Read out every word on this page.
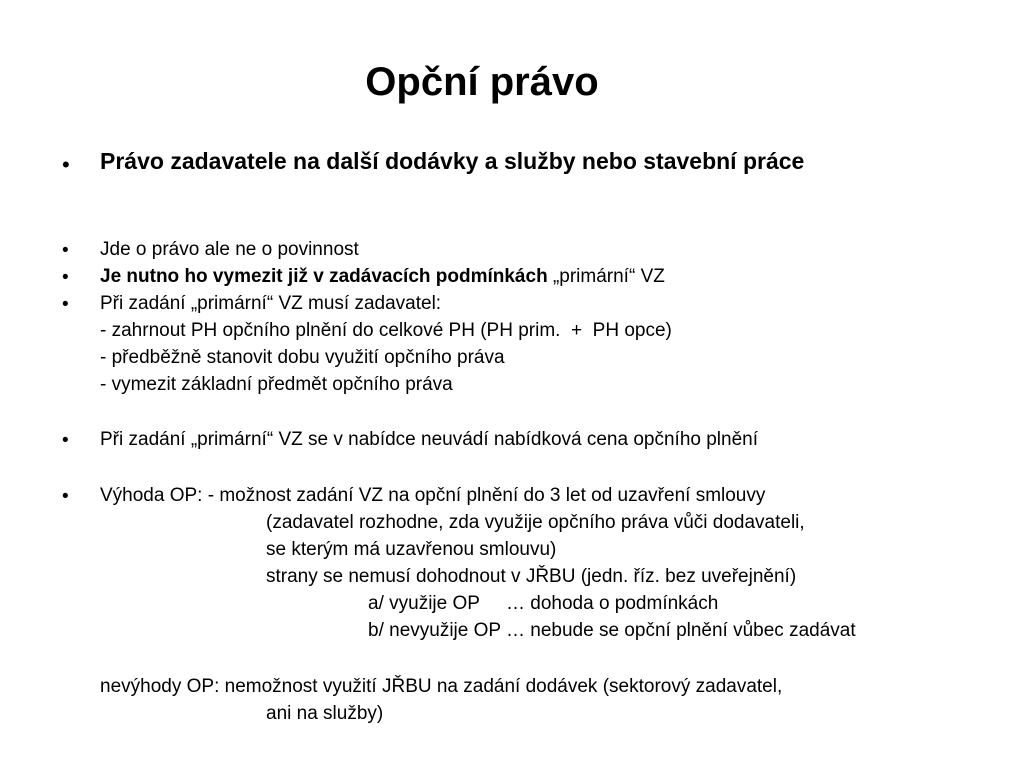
Opční právo
• Právo zadavatele na další dodávky a služby nebo stavební práce
• Jde o právo ale ne o povinnost
• Je nutno ho vymezit již v zadávacích podmínkách „primární“ VZ
• Při zadání „primární“ VZ musí zadavatel:
- zahrnout PH opčního plnění do celkové PH (PH prim.  +  PH opce)
- předběžně stanovit dobu využití opčního práva
- vymezit základní předmět opčního práva
• Při zadání „primární“ VZ se v nabídce neuvádí nabídková cena opčního plnění
• Výhoda OP: - možnost zadání VZ na opční plnění do 3 let od uzavření smlouvy
(zadavatel rozhodne, zda využije opčního práva vůči dodavateli,
se kterým má uzavřenou smlouvu)
strany se nemusí dohodnout v JŘBU (jedn. říz. bez uveřejnění)
a/ využije OP     … dohoda o podmínkách
b/ nevyužije OP … nebude se opční plnění vůbec zadávat
nevýhody OP: nemožnost využití JŘBU na zadání dodávek (sektorový zadavatel,
ani na služby)
